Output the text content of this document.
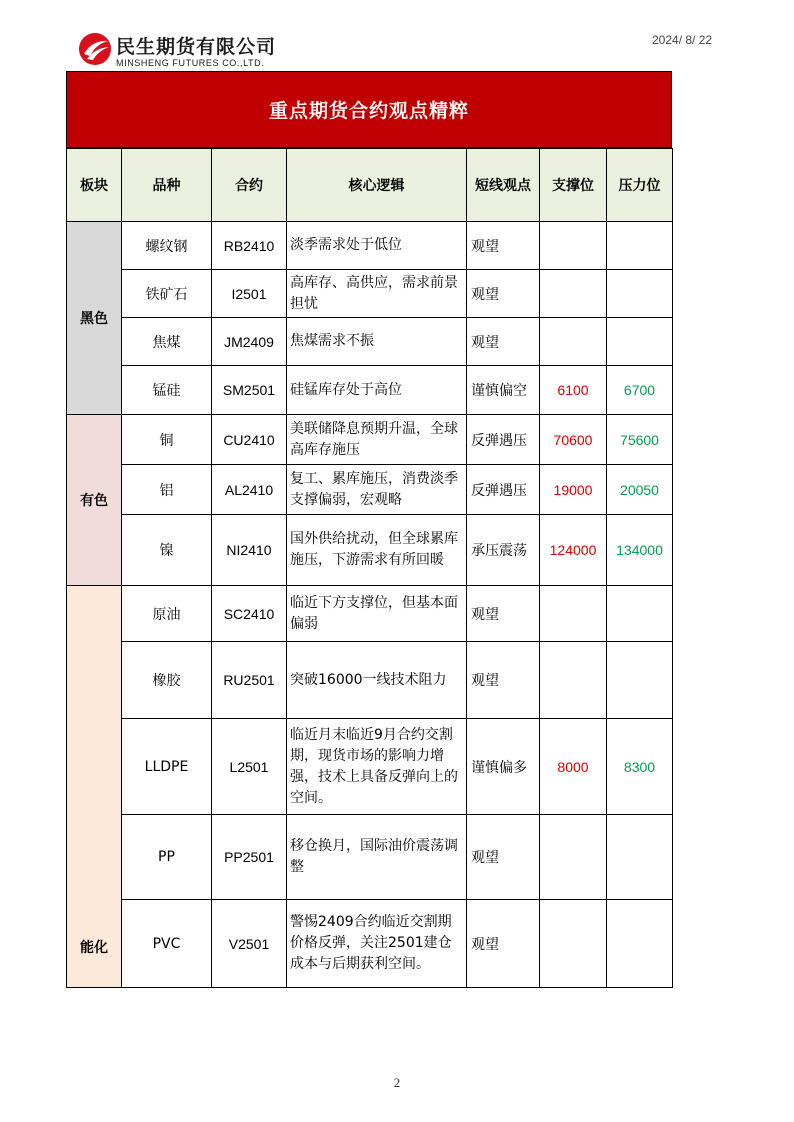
民生期货有限公司
MINSHENG FUTURES CO.,LTD.
2024/ 8/ 22
重点期货合约观点精粹
板块	品种	合约	核心逻辑	短线观点	支撑位	压力位
黑色	螺纹钢	RB2410	淡季需求处于低位	观望		
	铁矿石	I2501	高库存、高供应，需求前景担忧	观望		
	焦煤	JM2409	焦煤需求不振	观望		
	锰硅	SM2501	硅锰库存处于高位	谨慎偏空	6100	6700
有色	铜	CU2410	美联储降息预期升温，全球高库存施压	反弹遇压	70600	75600
	铝	AL2410	复工、累库施压，消费淡季支撑偏弱，宏观略	反弹遇压	19000	20050
	镍	NI2410	国外供给扰动，但全球累库施压，下游需求有所回暖	承压震荡	124000	134000
能化	原油	SC2410	临近下方支撑位，但基本面偏弱	观望		
	橡胶	RU2501	突破16000一线技术阻力	观望		
	LLDPE	L2501	临近月末临近9月合约交割期，现货市场的影响力增强，技术上具备反弹向上的空间。	谨慎偏多	8000	8300
	PP	PP2501	移仓换月，国际油价震荡调整	观望		
	PVC	V2501	警惕2409合约临近交割期价格反弹，关注2501建仓成本与后期获利空间。	观望		
2
